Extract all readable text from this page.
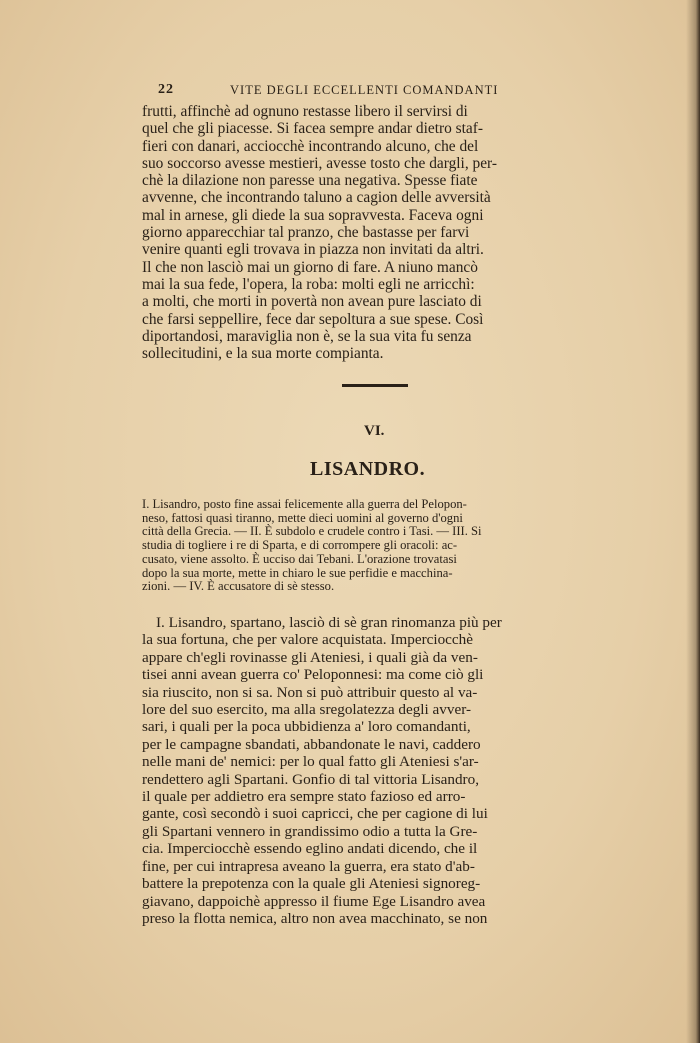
22	VITE DEGLI ECCELLENTI COMANDANTI
frutti, affinchè ad ognuno restasse libero il servirsi di
quel che gli piacesse. Si facea sempre andar dietro staf-
fieri con danari, acciocchè incontrando alcuno, che del
suo soccorso avesse mestieri, avesse tosto che dargli, per-
chè la dilazione non paresse una negativa. Spesse fiate
avvenne, che incontrando taluno a cagion delle avversità
mal in arnese, gli diede la sua sopravvesta. Faceva ogni
giorno apparecchiar tal pranzo, che bastasse per farvi
venire quanti egli trovava in piazza non invitati da altri.
Il che non lasciò mai un giorno di fare. A niuno mancò
mai la sua fede, l'opera, la roba: molti egli ne arricchì:
a molti, che morti in povertà non avean pure lasciato di
che farsi seppellire, fece dar sepoltura a sue spese. Così
diportandosi, maraviglia non è, se la sua vita fu senza
sollecitudini, e la sua morte compianta.
VI.
LISANDRO.
I. Lisandro, posto fine assai felicemente alla guerra del Pelopon-
neso, fattosi quasi tiranno, mette dieci uomini al governo d'ogni
città della Grecia. — II. È subdolo e crudele contro i Tasi. — III. Si
studia di togliere i re di Sparta, e di corrompere gli oracoli: ac-
cusato, viene assolto. È ucciso dai Tebani. L'orazione trovatasi
dopo la sua morte, mette in chiaro le sue perfidie e macchina-
zioni. — IV. È accusatore di sè stesso.
I. Lisandro, spartano, lasciò di sè gran rinomanza più per
la sua fortuna, che per valore acquistata. Imperciocchè
appare ch'egli rovinasse gli Ateniesi, i quali già da ven-
tisei anni avean guerra co' Peloponnesi: ma come ciò gli
sia riuscito, non si sa. Non si può attribuir questo al va-
lore del suo esercito, ma alla sregolatezza degli avver-
sari, i quali per la poca ubbidienza a' loro comandanti,
per le campagne sbandati, abbandonate le navi, caddero
nelle mani de' nemici: per lo qual fatto gli Ateniesi s'ar-
rendettero agli Spartani. Gonfio di tal vittoria Lisandro,
il quale per addietro era sempre stato fazioso ed arro-
gante, così secondò i suoi capricci, che per cagione di lui
gli Spartani vennero in grandissimo odio a tutta la Gre-
cia. Imperciocchè essendo eglino andati dicendo, che il
fine, per cui intrapresa aveano la guerra, era stato d'ab-
battere la prepotenza con la quale gli Ateniesi signoreg-
giavano, dappoichè appresso il fiume Ege Lisandro avea
preso la flotta nemica, altro non avea macchinato, se non
